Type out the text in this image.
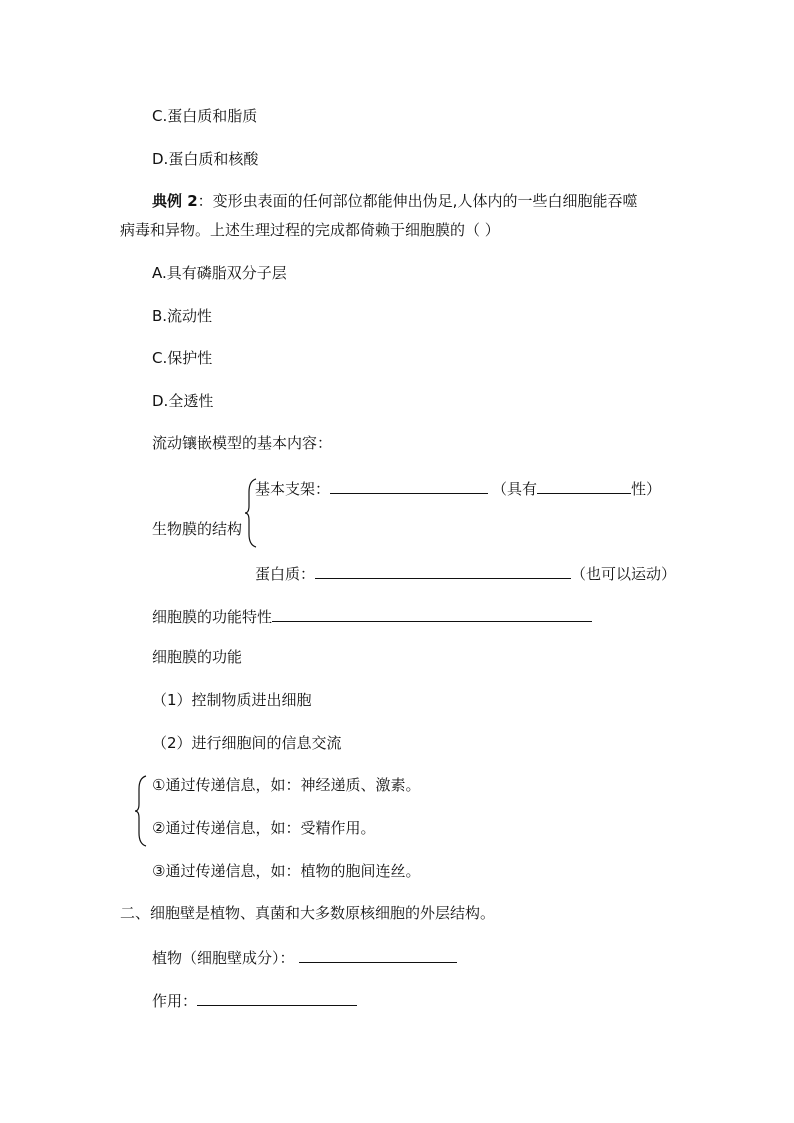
C.蛋白质和脂质
D.蛋白质和核酸
典例 2：变形虫表面的任何部位都能伸出伪足,人体内的一些白细胞能吞噬
病毒和异物。上述生理过程的完成都倚赖于细胞膜的（ ）
A.具有磷脂双分子层
B.流动性
C.保护性
D.全透性
流动镶嵌模型的基本内容：
基本支架：	（具有	性）
生物膜的结构
蛋白质：	（也可以运动）
细胞膜的功能特性
细胞膜的功能
（1）控制物质进出细胞
（2）进行细胞间的信息交流
①通过传递信息，如：神经递质、激素。
②通过传递信息，如：受精作用。
③通过传递信息，如：植物的胞间连丝。
二、细胞壁是植物、真菌和大多数原核细胞的外层结构。
植物（细胞壁成分）：
作用：
